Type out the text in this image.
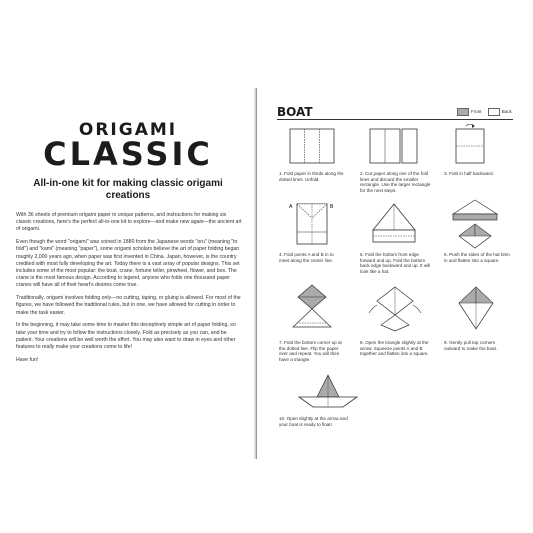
ORIGAMI
CLASSIC
All-in-one kit for making classic origami creations

With 36 sheets of premium origami paper in unique patterns, and instructions for making six classic creations, here's the perfect all-in-one kit to explore—and make new again—the ancient art of origami.

Even though the word "origami" was coined in 1880 from the Japanese words "oru" (meaning "to fold") and "kami" (meaning "paper"), some origami scholars believe the art of paper folding began roughly 2,000 years ago, when paper was first invented in China. Japan, however, is the country credited with most fully developing the art. Today there is a vast array of popular designs. This set includes some of the most popular: the boat, crane, fortune teller, pinwheel, flower, and box. The crane is the most famous design. According to legend, anyone who folds one thousand paper cranes will have all of their heart's desires come true.

Traditionally, origami involves folding only—no cutting, taping, or gluing is allowed. For most of the figures, we have followed the traditional rules, but in one, we have allowed for cutting in order to make the task easier.

In the beginning, it may take some time to master this deceptively simple art of paper folding, so take your time and try to follow the instructions closely. Fold as precisely as you can, and be patient. Your creations will be well worth the effort. You may also want to draw in eyes and other features to really make your creations come to life!

Have fun!

BOAT	Front	Back
1. Fold paper in thirds along the dotted lines. Unfold.
2. Cut paper along one of the fold lines and discard the smaller rectangle. Use the larger rectangle for the next steps.
3. Fold in half backward.
A	B
4. Fold points A and B in to meet along the center line.
5. Fold the bottom front edge forward and up. Fold the bottom back edge backward and up. It will look like a hat.
6. Push the sides of the hat brim in and flatten into a square.
7. Fold the bottom corner up at the dotted line. Flip the paper over and repeat. You will then have a triangle.
8. Open the triangle slightly at the arrow. Squeeze points A and B together and flatten into a square.
9. Gently pull top corners outward to make the boat.
10. Open slightly at the arrow and your boat is ready to float!
